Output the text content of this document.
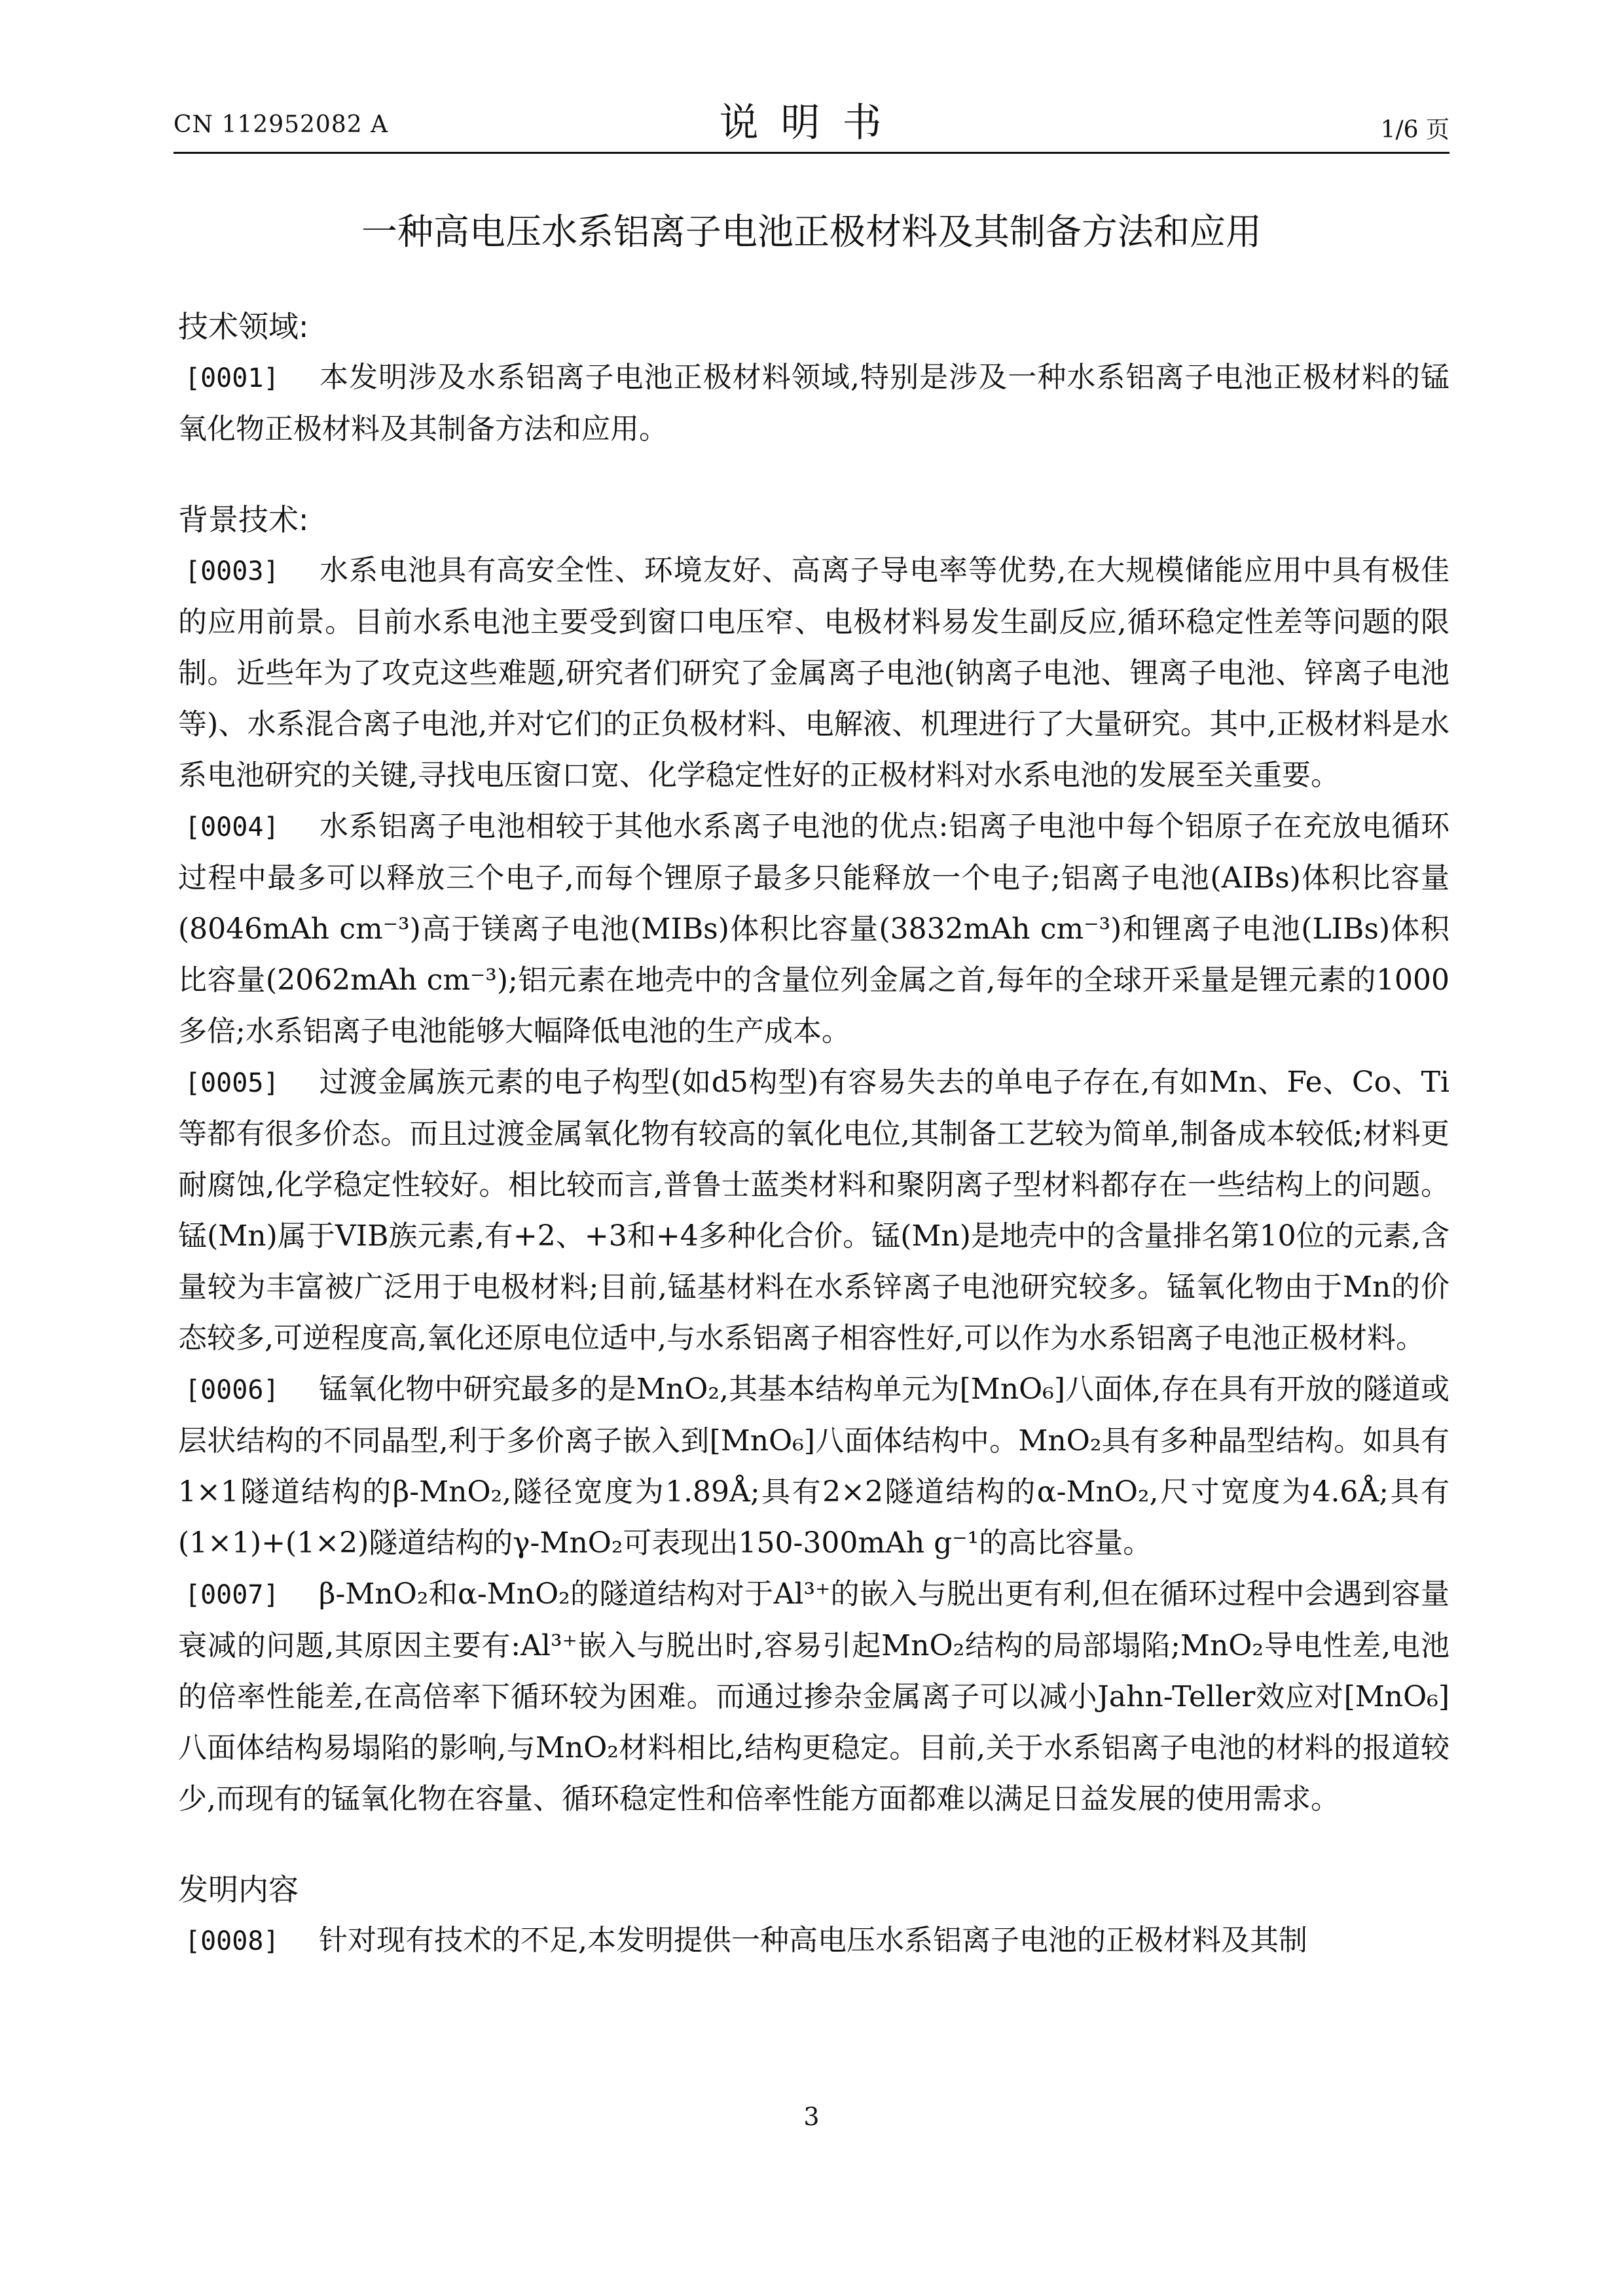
CN 112952082 A	说明书	1/6 页
一种高电压水系铝离子电池正极材料及其制备方法和应用
技术领域:

[0001] 本发明涉及水系铝离子电池正极材料领域,特别是涉及一种水系铝离子电池正极材料的锰氧化物正极材料及其制备方法和应用。

背景技术:

[0003] 水系电池具有高安全性、环境友好、高离子导电率等优势,在大规模储能应用中具有极佳的应用前景。目前水系电池主要受到窗口电压窄、电极材料易发生副反应,循环稳定性差等问题的限制。近些年为了攻克这些难题,研究者们研究了金属离子电池(钠离子电池、锂离子电池、锌离子电池等)、水系混合离子电池,并对它们的正负极材料、电解液、机理进行了大量研究。其中,正极材料是水系电池研究的关键,寻找电压窗口宽、化学稳定性好的正极材料对水系电池的发展至关重要。

[0004] 水系铝离子电池相较于其他水系离子电池的优点:铝离子电池中每个铝原子在充放电循环过程中最多可以释放三个电子,而每个锂原子最多只能释放一个电子;铝离子电池(AIBs)体积比容量(8046mAh cm⁻³)高于镁离子电池(MIBs)体积比容量(3832mAh cm⁻³)和锂离子电池(LIBs)体积比容量(2062mAh cm⁻³);铝元素在地壳中的含量位列金属之首,每年的全球开采量是锂元素的1000多倍;水系铝离子电池能够大幅降低电池的生产成本。

[0005] 过渡金属族元素的电子构型(如d5构型)有容易失去的单电子存在,有如Mn、Fe、Co、Ti等都有很多价态。而且过渡金属氧化物有较高的氧化电位,其制备工艺较为简单,制备成本较低;材料更耐腐蚀,化学稳定性较好。相比较而言,普鲁士蓝类材料和聚阴离子型材料都存在一些结构上的问题。锰(Mn)属于VIB族元素,有+2、+3和+4多种化合价。锰(Mn)是地壳中的含量排名第10位的元素,含量较为丰富被广泛用于电极材料;目前,锰基材料在水系锌离子电池研究较多。锰氧化物由于Mn的价态较多,可逆程度高,氧化还原电位适中,与水系铝离子相容性好,可以作为水系铝离子电池正极材料。

[0006] 锰氧化物中研究最多的是MnO₂,其基本结构单元为[MnO₆]八面体,存在具有开放的隧道或层状结构的不同晶型,利于多价离子嵌入到[MnO₆]八面体结构中。MnO₂具有多种晶型结构。如具有1×1隧道结构的β-MnO₂,隧径宽度为1.89Å;具有2×2隧道结构的α-MnO₂,尺寸宽度为4.6Å;具有(1×1)+(1×2)隧道结构的γ-MnO₂可表现出150-300mAh g⁻¹的高比容量。

[0007] β-MnO₂和α-MnO₂的隧道结构对于Al³⁺的嵌入与脱出更有利,但在循环过程中会遇到容量衰减的问题,其原因主要有:Al³⁺嵌入与脱出时,容易引起MnO₂结构的局部塌陷;MnO₂导电性差,电池的倍率性能差,在高倍率下循环较为困难。而通过掺杂金属离子可以减小Jahn-Teller效应对[MnO₆]八面体结构易塌陷的影响,与MnO₂材料相比,结构更稳定。目前,关于水系铝离子电池的材料的报道较少,而现有的锰氧化物在容量、循环稳定性和倍率性能方面都难以满足日益发展的使用需求。

发明内容

[0008] 针对现有技术的不足,本发明提供一种高电压水系铝离子电池的正极材料及其制

3
